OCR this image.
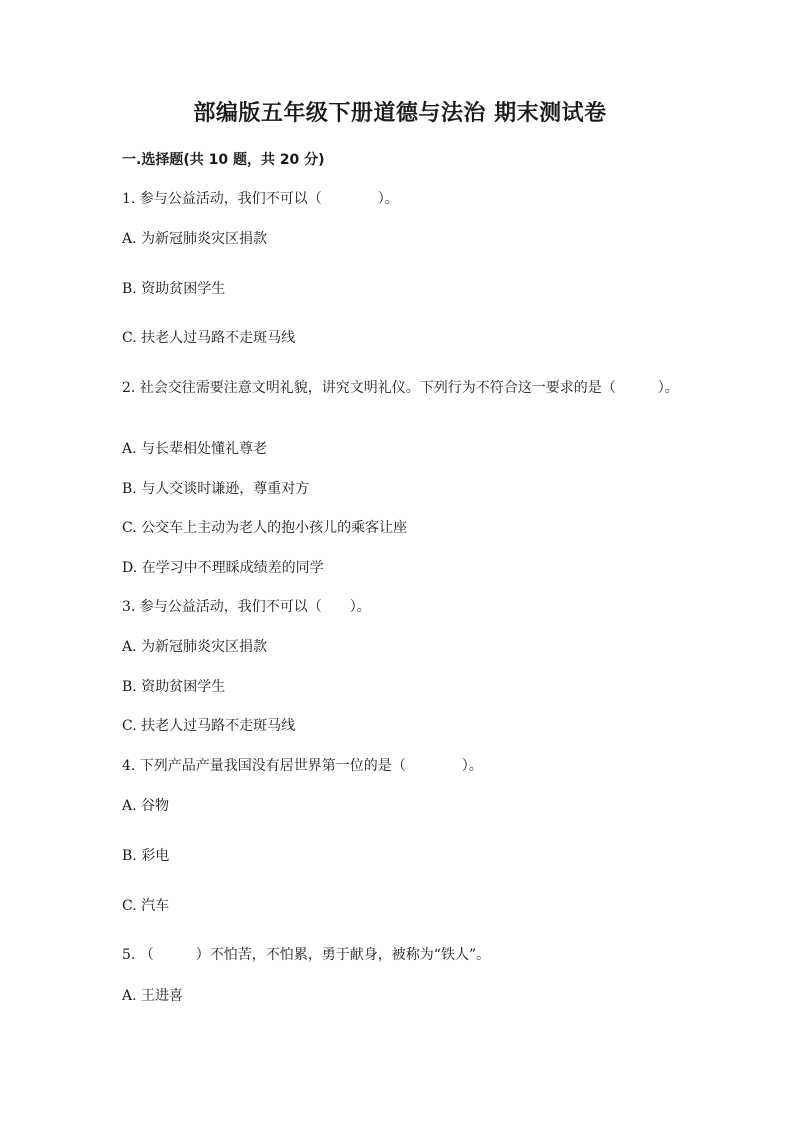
部编版五年级下册道德与法治 期末测试卷

一.选择题(共 10 题，共 20 分)

1. 参与公益活动，我们不可以（　　　　）。

A. 为新冠肺炎灾区捐款

B. 资助贫困学生

C. 扶老人过马路不走斑马线

2. 社会交往需要注意文明礼貌，讲究文明礼仪。下列行为不符合这一要求的是（　　　）。

A. 与长辈相处懂礼尊老

B. 与人交谈时谦逊，尊重对方

C. 公交车上主动为老人的抱小孩儿的乘客让座

D. 在学习中不理睬成绩差的同学

3. 参与公益活动，我们不可以（　　）。

A. 为新冠肺炎灾区捐款

B. 资助贫困学生

C. 扶老人过马路不走斑马线

4. 下列产品产量我国没有居世界第一位的是（　　　　）。

A. 谷物

B. 彩电

C. 汽车

5. （　　　）不怕苦，不怕累，勇于献身，被称为“铁人”。

A. 王进喜
